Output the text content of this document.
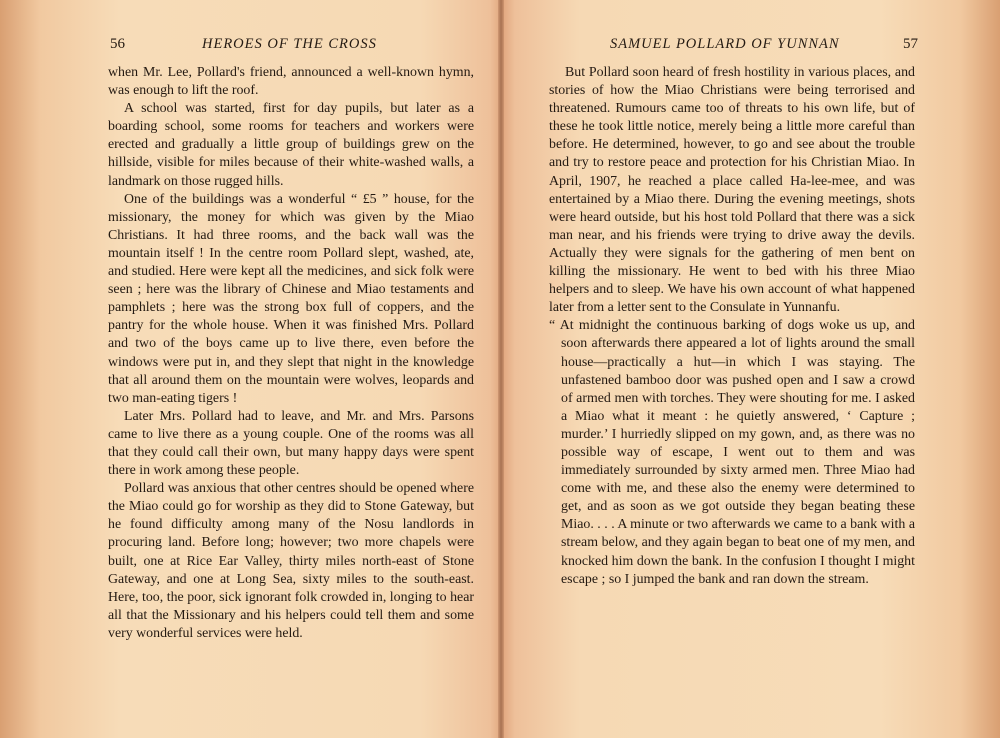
56	HEROES OF THE CROSS

when Mr. Lee, Pollard's friend, announced a well-known hymn, was enough to lift the roof.

A school was started, first for day pupils, but later as a boarding school, some rooms for teachers and workers were erected and gradually a little group of buildings grew on the hillside, visible for miles because of their white-washed walls, a landmark on those rugged hills.

One of the buildings was a wonderful “ £5 ” house, for the missionary, the money for which was given by the Miao Christians. It had three rooms, and the back wall was the mountain itself ! In the centre room Pollard slept, washed, ate, and studied. Here were kept all the medicines, and sick folk were seen ; here was the library of Chinese and Miao testaments and pamphlets ; here was the strong box full of coppers, and the pantry for the whole house. When it was finished Mrs. Pollard and two of the boys came up to live there, even before the windows were put in, and they slept that night in the knowledge that all around them on the mountain were wolves, leopards and two man-eating tigers !

Later Mrs. Pollard had to leave, and Mr. and Mrs. Parsons came to live there as a young couple. One of the rooms was all that they could call their own, but many happy days were spent there in work among these people.

Pollard was anxious that other centres should be opened where the Miao could go for worship as they did to Stone Gateway, but he found difficulty among many of the Nosu landlords in procuring land. Before long; however; two more chapels were built, one at Rice Ear Valley, thirty miles north-east of Stone Gateway, and one at Long Sea, sixty miles to the south-east. Here, too, the poor, sick ignorant folk crowded in, longing to hear all that the Missionary and his helpers could tell them and some very wonderful services were held.

SAMUEL POLLARD OF YUNNAN	57

But Pollard soon heard of fresh hostility in various places, and stories of how the Miao Christians were being terrorised and threatened. Rumours came too of threats to his own life, but of these he took little notice, merely being a little more careful than before. He determined, however, to go and see about the trouble and try to restore peace and protection for his Christian Miao. In April, 1907, he reached a place called Ha-lee-mee, and was entertained by a Miao there. During the evening meetings, shots were heard outside, but his host told Pollard that there was a sick man near, and his friends were trying to drive away the devils. Actually they were signals for the gathering of men bent on killing the missionary. He went to bed with his three Miao helpers and to sleep. We have his own account of what happened later from a letter sent to the Consulate in Yunnanfu.

“ At midnight the continuous barking of dogs woke us up, and soon afterwards there appeared a lot of lights around the small house—practically a hut—in which I was staying. The unfastened bamboo door was pushed open and I saw a crowd of armed men with torches. They were shouting for me. I asked a Miao what it meant : he quietly answered, ‘ Capture ; murder.’ I hurriedly slipped on my gown, and, as there was no possible way of escape, I went out to them and was immediately surrounded by sixty armed men. Three Miao had come with me, and these also the enemy were determined to get, and as soon as we got outside they began beating these Miao. . . . A minute or two afterwards we came to a bank with a stream below, and they again began to beat one of my men, and knocked him down the bank. In the confusion I thought I might escape ; so I jumped the bank and ran down the stream.
